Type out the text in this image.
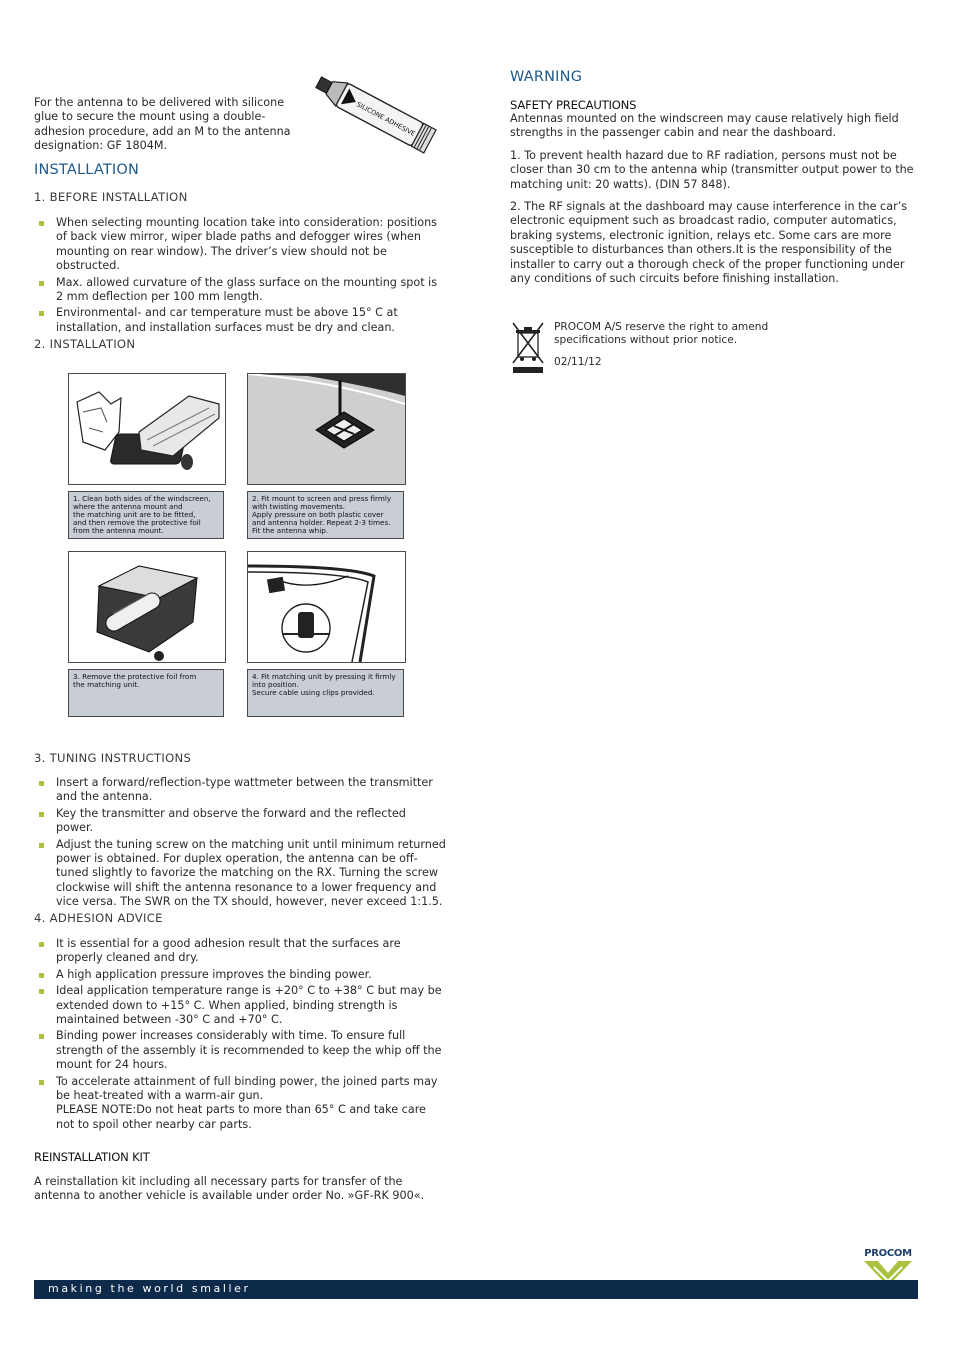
For the antenna to be delivered with silicone glue to secure the mount using a double-adhesion procedure, add an M to the antenna designation: GF 1804M.

SILICONE ADHESIVE
INSTALLATION
1. BEFORE INSTALLATION
When selecting mounting location take into consideration: positions of back view mirror, wiper blade paths and defogger wires (when mounting on rear window). The driver’s view should not be obstructed.
Max. allowed curvature of the glass surface on the mounting spot is 2 mm deflection per 100 mm length.
Environmental- and car temperature must be above 15° C at installation, and installation surfaces must be dry and clean.
2. INSTALLATION
1. Clean both sides of the windscreen,
where the antenna mount and
the matching unit are to be fitted,
and then remove the protective foil
from the antenna mount.
2. Fit mount to screen and press firmly
with twisting movements.
Apply pressure on both plastic cover
and antenna holder. Repeat 2-3 times.
Fit the antenna whip.
3. Remove the protective foil from
the matching unit.
4. Fit matching unit by pressing it firmly
into position.
Secure cable using clips provided.
3. TUNING INSTRUCTIONS
Insert a forward/reflection-type wattmeter between the transmitter and the antenna.
Key the transmitter and observe the forward and the reflected power.
Adjust the tuning screw on the matching unit until minimum returned power is obtained. For duplex operation, the antenna can be off-tuned slightly to favorize the matching on the RX. Turning the screw clockwise will shift the antenna resonance to a lower frequency and vice versa. The SWR on the TX should, however, never exceed 1:1.5.
4. ADHESION ADVICE
It is essential for a good adhesion result that the surfaces are properly cleaned and dry.
A high application pressure improves the binding power.
Ideal application temperature range is +20° C to +38° C but may be extended down to +15° C. When applied, binding strength is maintained between -30° C and +70° C.
Binding power increases considerably with time. To ensure full strength of the assembly it is recommended to keep the whip off the mount for 24 hours.
To accelerate attainment of full binding power, the joined parts may be heat-treated with a warm-air gun.
PLEASE NOTE:Do not heat parts to more than 65° C and take care not to spoil other nearby car parts.
REINSTALLATION KIT

A reinstallation kit including all necessary parts for transfer of the antenna to another vehicle is available under order No. »GF-RK 900«.

WARNING
SAFETY PRECAUTIONS

Antennas mounted on the windscreen may cause relatively high field strengths in the passenger cabin and near the dashboard.

1. To prevent health hazard due to RF radiation, persons must not be closer than 30 cm to the antenna whip (transmitter output power to the matching unit: 20 watts). (DIN 57 848).

2. The RF signals at the dashboard may cause interference in the car’s electronic equipment such as broadcast radio, computer automatics, braking systems, electronic ignition, relays etc. Some cars are more susceptible to disturbances than others.It is the responsibility of the installer to carry out a thorough check of the proper functioning under any conditions of such circuits before finishing installation.

PROCOM A/S reserve the right to amend specifications without prior notice.

02/11/12

PROCOM
making the world smaller
